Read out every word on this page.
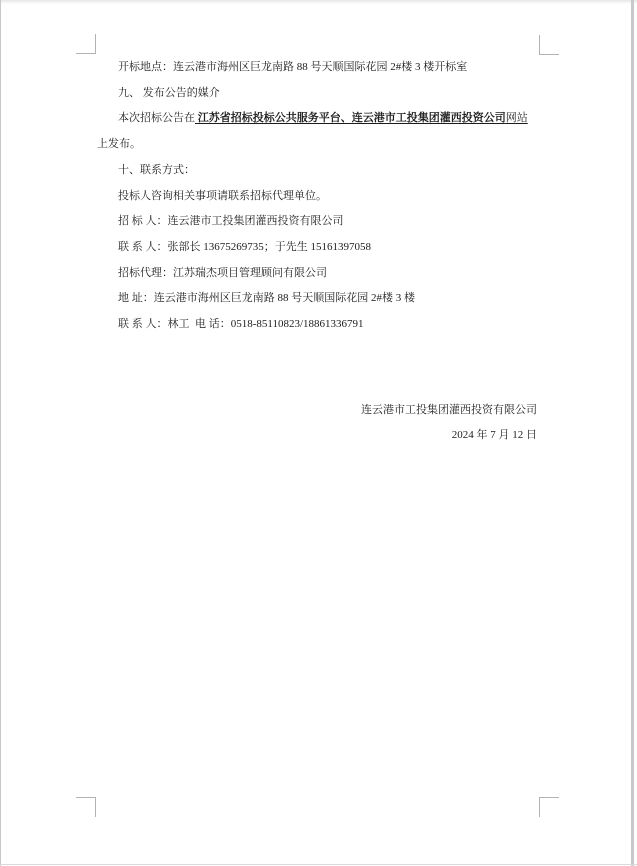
开标地点：连云港市海州区巨龙南路 88 号天顺国际花园 2#楼 3 楼开标室

九、 发布公告的媒介

本次招标公告在 江苏省招标投标公共服务平台、连云港市工投集团灌西投资公司网站
上发布。

十、联系方式：

投标人咨询相关事项请联系招标代理单位。

招 标 人：连云港市工投集团灌西投资有限公司

联 系 人：张部长 13675269735；于先生 15161397058

招标代理：江苏瑞杰项目管理顾问有限公司

地 址：连云港市海州区巨龙南路 88 号天顺国际花园 2#楼 3 楼

联 系 人：林工  电 话：0518-85110823/18861336791

连云港市工投集团灌西投资有限公司

2024 年 7 月 12 日
